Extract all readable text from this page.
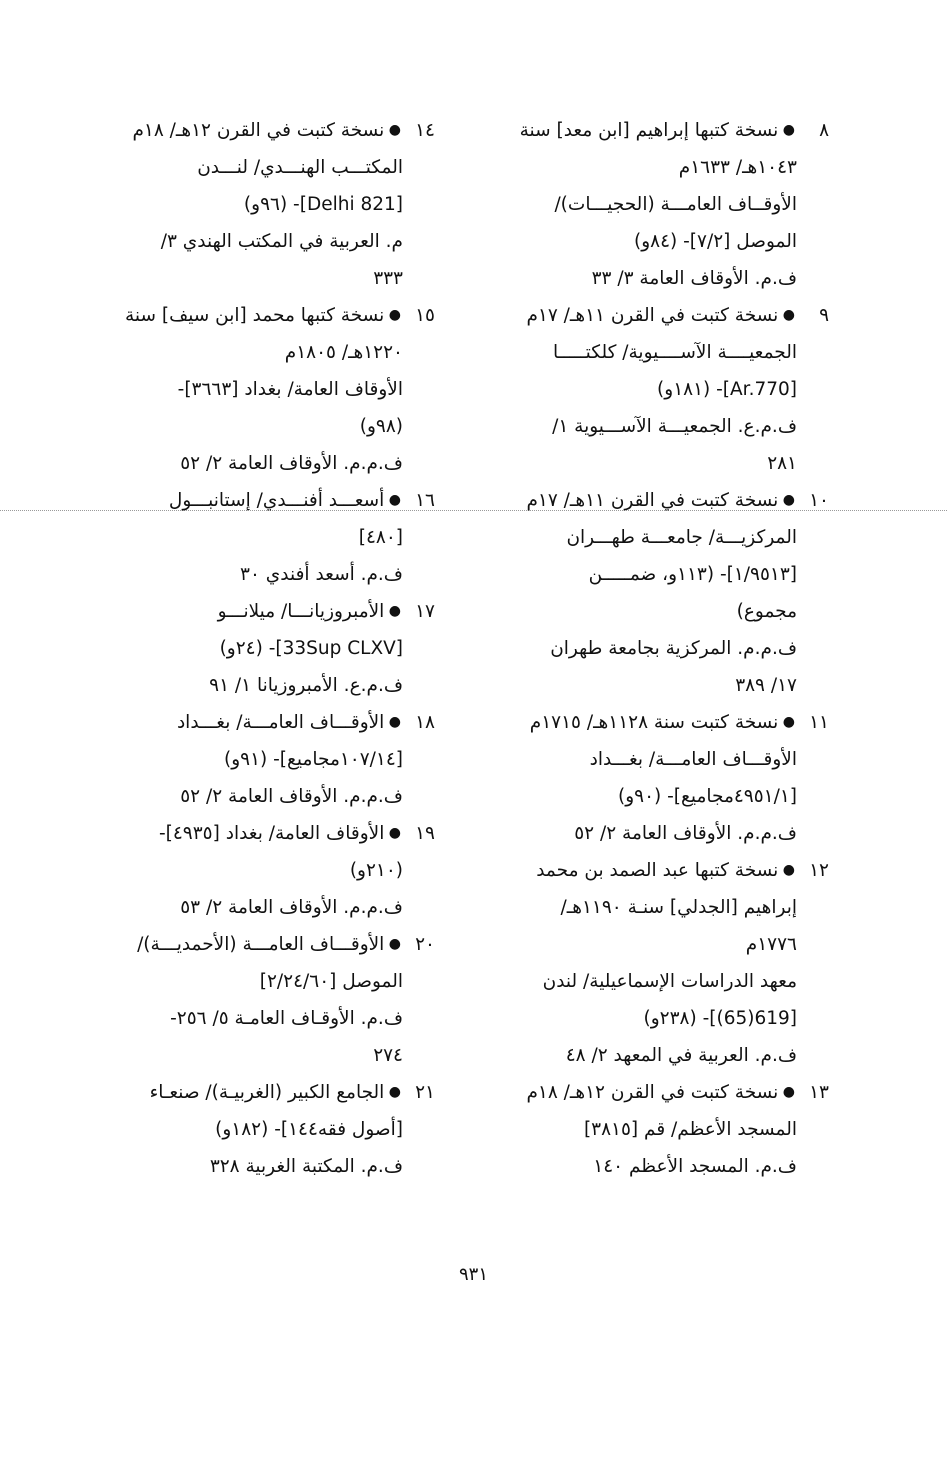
٨● نسخة كتبها إبراهيم [ابن معد] سنة
١٠٤٣هـ/ ١٦٣٣م
الأوقــاف العامـــة (الحجيـــات)/
الموصل [٧/٢]- (٨٤و)
ف.م. الأوقاف العامة ٣/ ٣٣
٩● نسخة كتبت في القرن ١١هـ/ ١٧م
الجمعيــــة الآســــيوية/ كلكتـــــا
[Ar.770]- (١٨١و)
ف.م.ع. الجمعيـــة الآســـيوية ١/
٢٨١
١٠● نسخة كتبت في القرن ١١هـ/ ١٧م
المركزيـــة/ جامعـــة طهـــران
[١/٩٥١٣]- (١١٣و، ضمـــــن
مجموع)
ف.م.م. المركزية بجامعة طهران
١٧/ ٣٨٩
١١● نسخة كتبت سنة ١١٢٨هـ/ ١٧١٥م
الأوقـــاف العامـــة/ بغـــداد
[٤٩٥١/١مجاميع]- (٩٠و)
ف.م.م. الأوقاف العامة ٢/ ٥٢
١٢● نسخة كتبها عبد الصمد بن محمد
إبراهيم [الجدلي] سنـة ١١٩٠هـ/
١٧٧٦م
معهد الدراسات الإسماعيلية/ لندن
[619(65)]- (٢٣٨و)
ف.م. العربية في المعهد ٢/ ٤٨
١٣● نسخة كتبت في القرن ١٢هـ/ ١٨م
المسجد الأعظم/ قم [٣٨١٥]
ف.م. المسجد الأعظم ١٤٠
١٤● نسخة كتبت في القرن ١٢هـ/ ١٨م
المكتـــب الهنـــدي/ لنـــدن
[Delhi 821]- (٩٦و)
م. العربية في المكتب الهندي ٣/
٣٣٣
١٥● نسخة كتبها محمد [ابن سيف] سنة
١٢٢٠هـ/ ١٨٠٥م
الأوقاف العامة/ بغداد [٣٦٦٣]-
(٩٨و)
ف.م.م. الأوقاف العامة ٢/ ٥٢
١٦● أسعـــد أفنـــدي/ إستانبـــول
[٤٨٠]
ف.م. أسعد أفندي ٣٠
١٧● الأمبروزيانـــا/ ميلانـــو
[33Sup CLXV]- (٢٤و)
ف.م.ع. الأمبروزيانا ١/ ٩١
١٨● الأوقـــاف العامـــة/ بغـــداد
[١٠٧/١٤مجاميع]- (٩١و)
ف.م.م. الأوقاف العامة ٢/ ٥٢
١٩● الأوقاف العامة/ بغداد [٤٩٣٥]-
(٢١٠و)
ف.م.م. الأوقاف العامة ٢/ ٥٣
٢٠● الأوقـــاف العامـــة (الأحمديـــة)/
الموصل [٢/٢٤/٦٠]
ف.م. الأوقـاف العامـة ٥/ ٢٥٦-
٢٧٤
٢١● الجامع الكبير (الغربيـة)/ صنعـاء
[أصول فقه١٤٤]- (١٨٢و)
ف.م. المكتبة الغربية ٣٢٨
٩٣١
